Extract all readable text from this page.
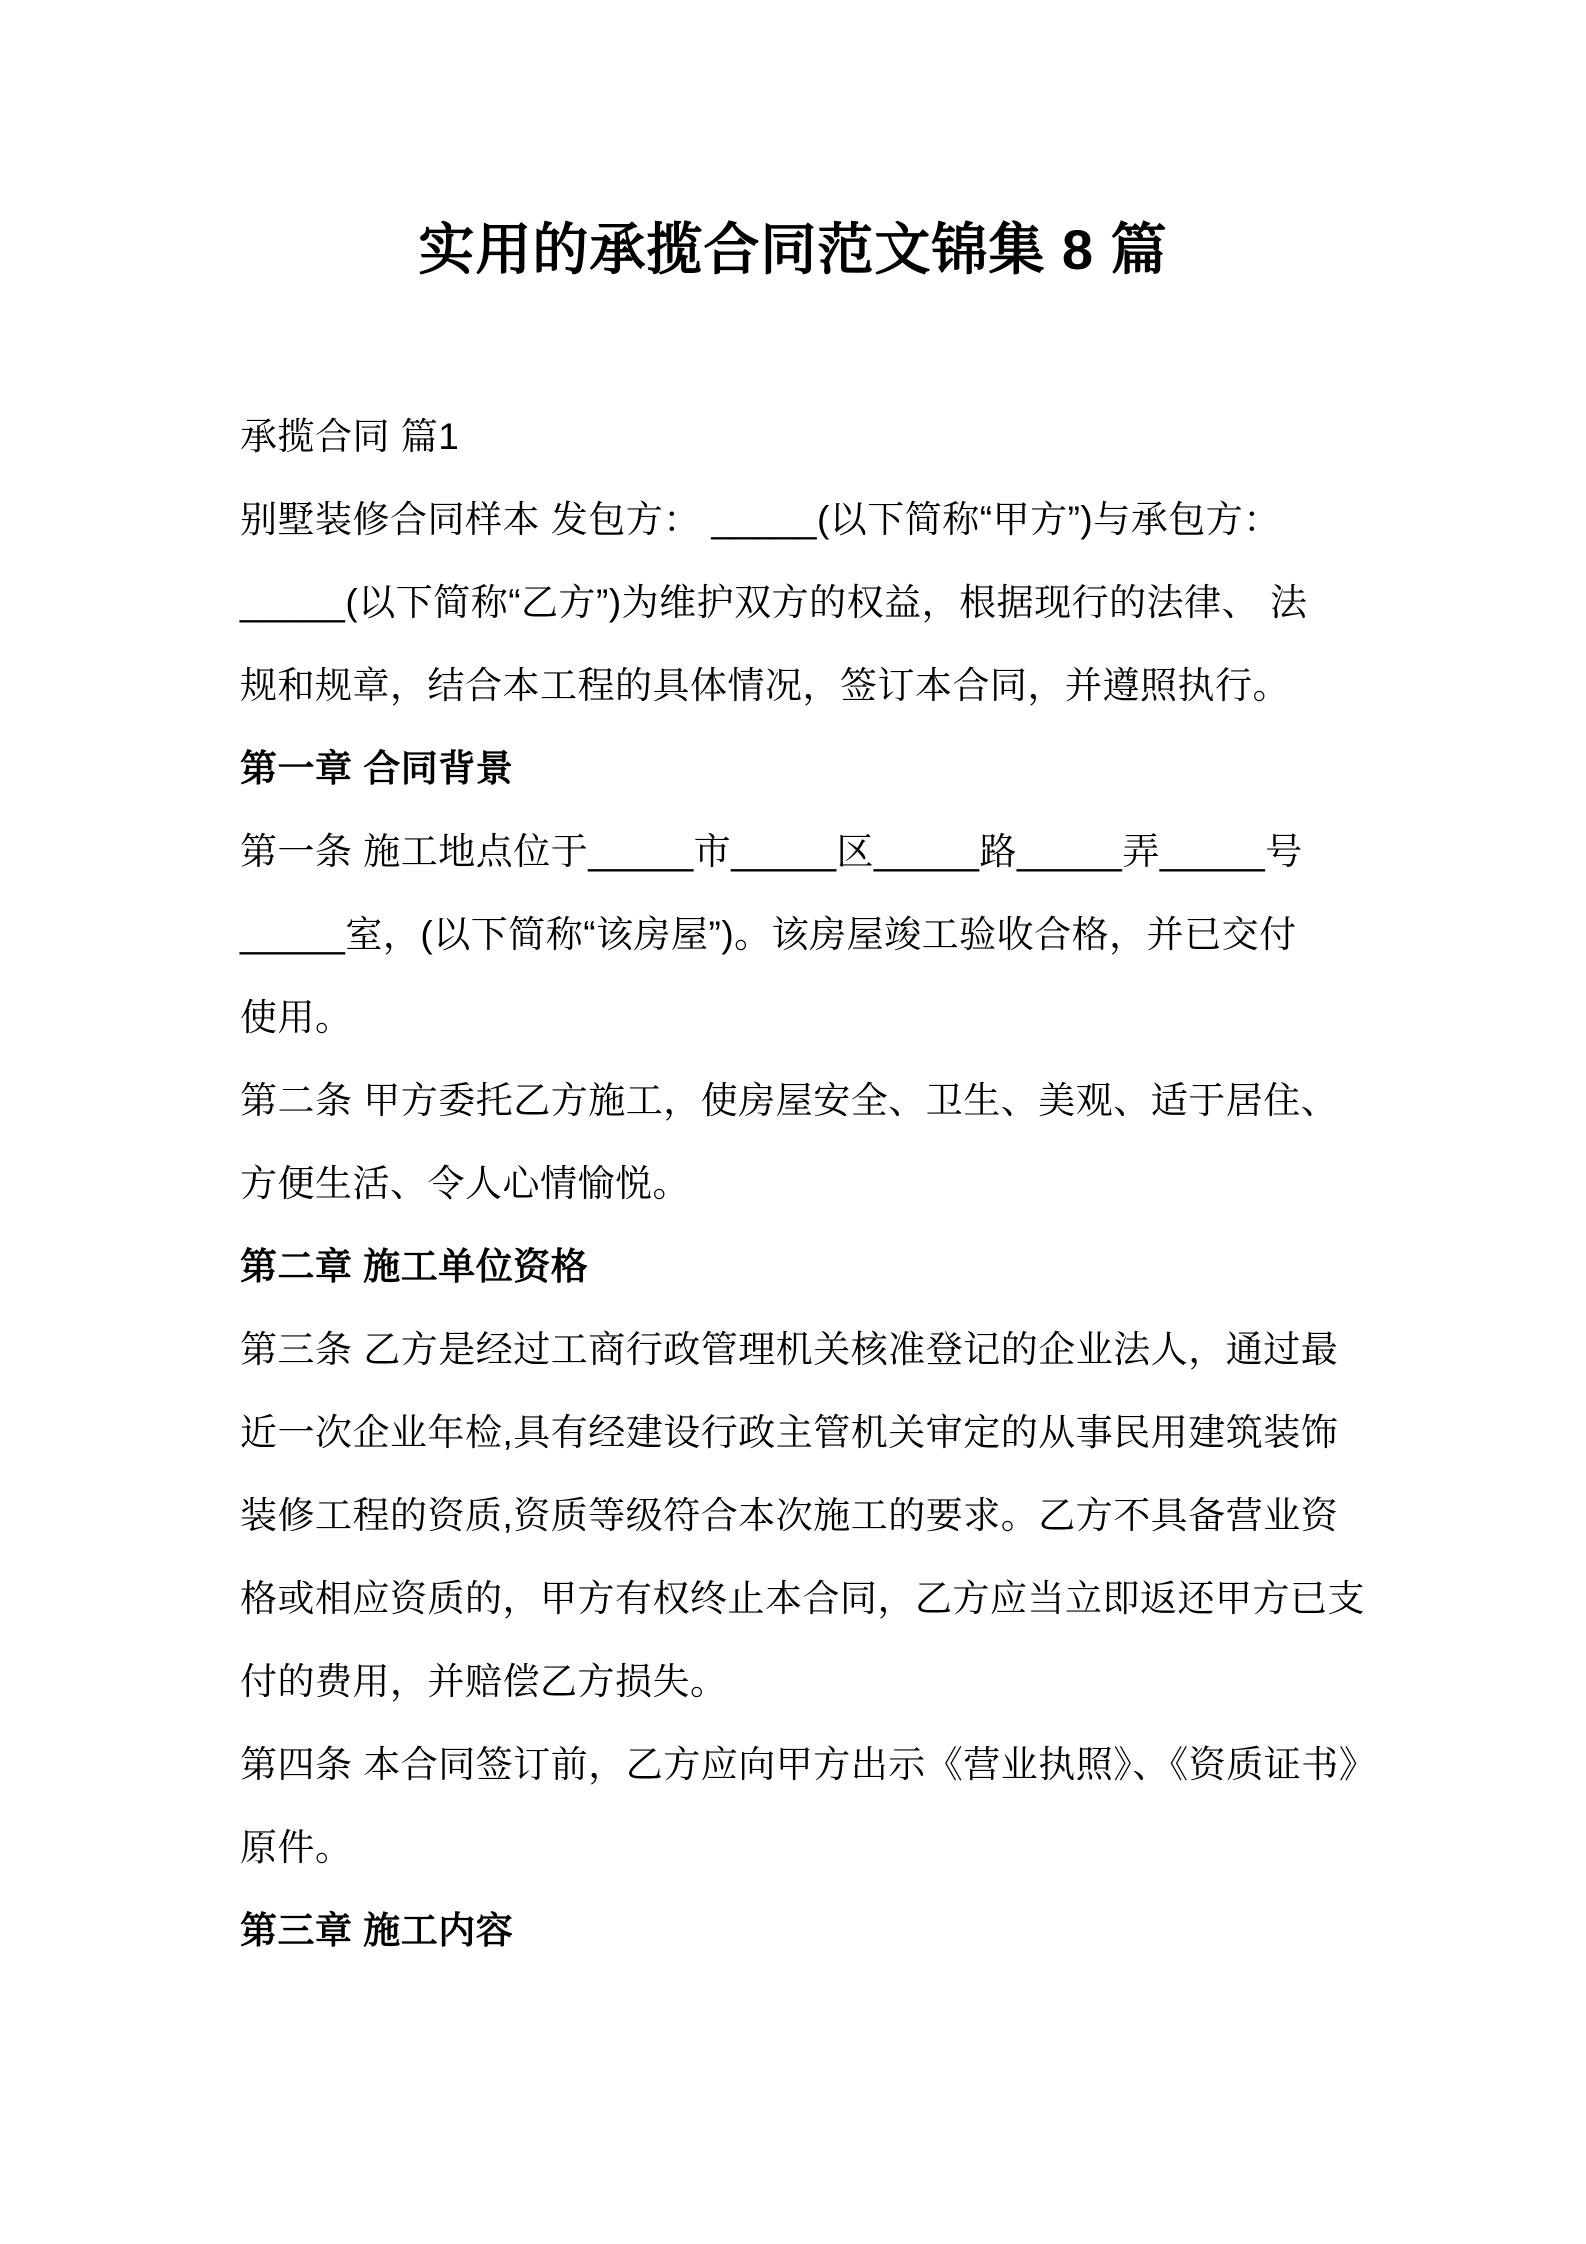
实用的承揽合同范文锦集 8 篇
承揽合同 篇1
别墅装修合同样本 发包方： _____(以下简称“甲方”)与承包方：
_____(以下简称“乙方”)为维护双方的权益，根据现行的法律、 法
规和规章，结合本工程的具体情况，签订本合同，并遵照执行。
第一章 合同背景
第一条 施工地点位于_____市_____区_____路_____弄_____号
_____室，(以下简称“该房屋”)。该房屋竣工验收合格，并已交付
使用。
第二条 甲方委托乙方施工，使房屋安全、卫生、美观、适于居住、
方便生活、令人心情愉悦。
第二章 施工单位资格
第三条 乙方是经过工商行政管理机关核准登记的企业法人，通过最
近一次企业年检,具有经建设行政主管机关审定的从事民用建筑装饰
装修工程的资质,资质等级符合本次施工的要求。乙方不具备营业资
格或相应资质的，甲方有权终止本合同，乙方应当立即返还甲方已支
付的费用，并赔偿乙方损失。
第四条 本合同签订前，乙方应向甲方出示《营业执照》、《资质证书》
原件。
第三章 施工内容
